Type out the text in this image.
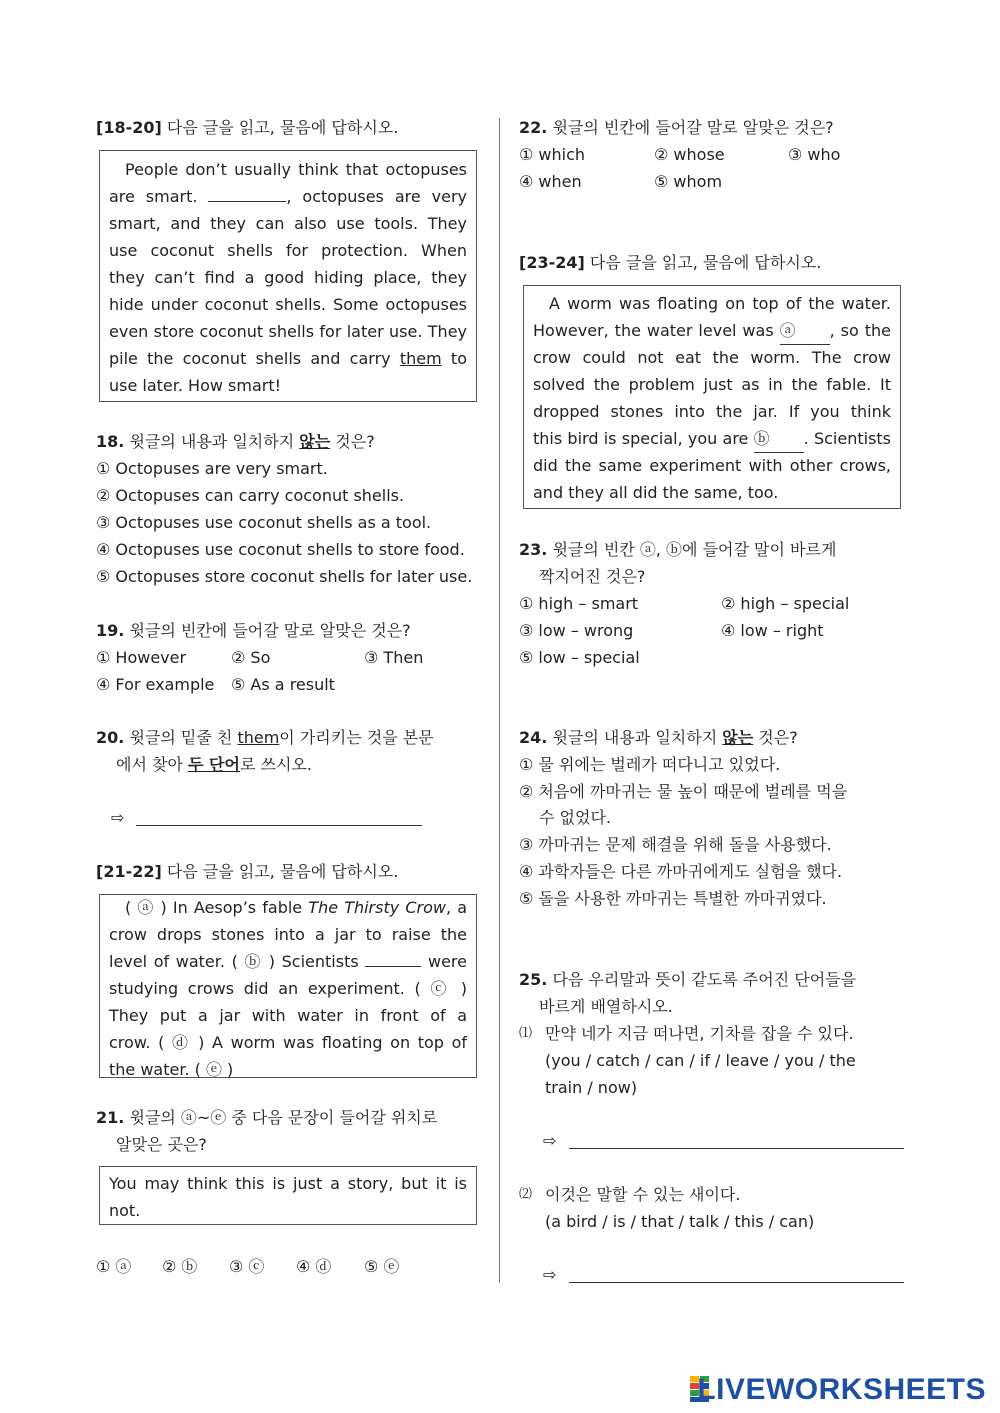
[18-20] 다음 글을 읽고, 물음에 답하시오.
People don’t usually think that octopuses
are smart.	, octopuses are very
smart, and they can also use tools. They
use coconut shells for protection. When
they can’t find a good hiding place, they
hide under coconut shells. Some octopuses
even store coconut shells for later use. They
pile the coconut shells and carry them to
use later. How smart!
18. 윗글의 내용과 일치하지 않는 것은?
① Octopuses are very smart.
② Octopuses can carry coconut shells.
③ Octopuses use coconut shells as a tool.
④ Octopuses use coconut shells to store food.
⑤ Octopuses store coconut shells for later use.
19. 윗글의 빈칸에 들어갈 말로 알맞은 것은?
① However	② So	③ Then
④ For example ⑤ As a result
20. 윗글의 밑줄 친 them이 가리키는 것을 본문
에서 찾아 두 단어로 쓰시오.
⇨
[21-22] 다음 글을 읽고, 물음에 답하시오.
( ⓐ ) In Aesop’s fable The Thirsty Crow, a
crow drops stones into a jar to raise the
level of water. ( ⓑ ) Scientists	were
studying crows did an experiment. ( ⓒ )
They put a jar with water in front of a
crow. ( ⓓ ) A worm was floating on top of
the water. ( ⓔ )
21. 윗글의 ⓐ~ⓔ 중 다음 문장이 들어갈 위치로
알맞은 곳은?
You may think this is just a story, but it is
not.
① ⓐ ② ⓑ ③ ⓒ ④ ⓓ ⑤ ⓔ
22. 윗글의 빈칸에 들어갈 말로 알맞은 것은?
① which	② whose	③ who
④ when	⑤ whom
[23-24] 다음 글을 읽고, 물음에 답하시오.
A worm was floating on top of the water.
However, the water level was ⓐ , so the
crow could not eat the worm. The crow
solved the problem just as in the fable. It
dropped stones into the jar. If you think
this bird is special, you are ⓑ . Scientists
did the same experiment with other crows,
and they all did the same, too.
23. 윗글의 빈칸 ⓐ, ⓑ에 들어갈 말이 바르게
짝지어진 것은?
① high – smart	② high – special
③ low – wrong	④ low – right
⑤ low – special
24. 윗글의 내용과 일치하지 않는 것은?
① 물 위에는 벌레가 떠다니고 있었다.
② 처음에 까마귀는 물 높이 때문에 벌레를 먹을
수 없었다.
③ 까마귀는 문제 해결을 위해 돌을 사용했다.
④ 과학자들은 다른 까마귀에게도 실험을 했다.
⑤ 돌을 사용한 까마귀는 특별한 까마귀였다.
25. 다음 우리말과 뜻이 같도록 주어진 단어들을
바르게 배열하시오.
⑴ 만약 네가 지금 떠나면, 기차를 잡을 수 있다.
(you / catch / can / if / leave / you / the
train / now)
⇨
⑵ 이것은 말할 수 있는 새이다.
(a bird / is / that / talk / this / can)
⇨
LIVEWORKSHEETS
